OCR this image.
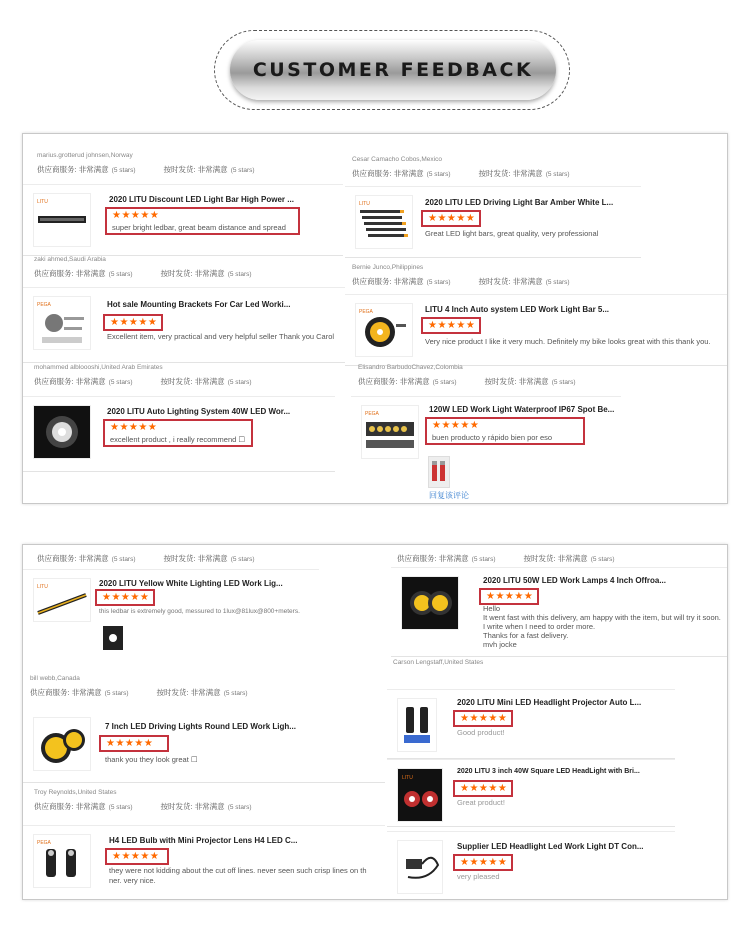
CUSTOMER FEEDBACK
marius.grotterud johnsen,Norway
供应商服务: 非常满意 (5 stars)	按时发货: 非常满意 (5 stars)
LITU	2020 LITU Discount LED Light Bar High Power ...
★★★★★
super bright ledbar, great beam distance and spread
zaki ahmed,Saudi Arabia
供应商服务: 非常满意 (5 stars)	按时发货: 非常满意 (5 stars)
PEGA	Hot sale Mounting Brackets For Car Led Worki...
★★★★★
Excellent item, very practical and very helpful seller Thank you Carol
mohammed albloooshi,United Arab Emirates
供应商服务: 非常满意 (5 stars)	按时发货: 非常满意 (5 stars)
2020 LITU Auto Lighting System 40W LED Wor...
★★★★★
excellent product , i really recommend ☐
Cesar Camacho Cobos,Mexico
供应商服务: 非常满意 (5 stars)	按时发货: 非常满意 (5 stars)
LITU	2020 LITU LED Driving Light Bar Amber White L...
★★★★★
Great LED light bars, great quality, very professional
Bernie Junco,Philippines
供应商服务: 非常满意 (5 stars)	按时发货: 非常满意 (5 stars)
PEGA	LITU 4 Inch Auto system LED Work Light Bar 5...
★★★★★
Very nice product I like it very much. Definitely my bike looks great with this thank you.
Elisandro BarbudoChavez,Colombia
供应商服务: 非常满意 (5 stars)	按时发货: 非常满意 (5 stars)
PEGA	120W LED Work Light Waterproof IP67 Spot Be...
★★★★★
buen producto y rápido bien por eso
回复该评论
供应商服务: 非常满意 (5 stars)	按时发货: 非常满意 (5 stars)
LITU	2020 LITU Yellow White Lighting LED Work Lig...
★★★★★
this ledbar is extremely good, messured to 1lux@81lux@800+meters.
bill webb,Canada
供应商服务: 非常满意 (5 stars)	按时发货: 非常满意 (5 stars)
7 Inch LED Driving Lights Round LED Work Ligh...
★★★★★
thank you they look great ☐
Troy Reynolds,United States
供应商服务: 非常满意 (5 stars)	按时发货: 非常满意 (5 stars)
PEGA	H4 LED Bulb with Mini Projector Lens H4 LED C...
★★★★★
they were not kidding about the cut off lines. never seen such crisp lines on th
ner. very nice.
供应商服务: 非常满意 (5 stars)	按时发货: 非常满意 (5 stars)
2020 LITU 50W LED Work Lamps 4 Inch Offroa...
★★★★★
Hello
It went fast with this delivery, am happy with the item, but will try it soon.
I write when I need to order more.
Thanks for a fast delivery.
mvh jocke
Carson Lengstaff,United States
2020 LITU Mini LED Headlight Projector Auto L...
★★★★★
Good product!
LITU
2020 LITU 3 inch 40W Square LED HeadLight with Bri...
★★★★★
Great product!
Supplier LED Headlight Led Work Light DT Con...
★★★★★
very pleased
